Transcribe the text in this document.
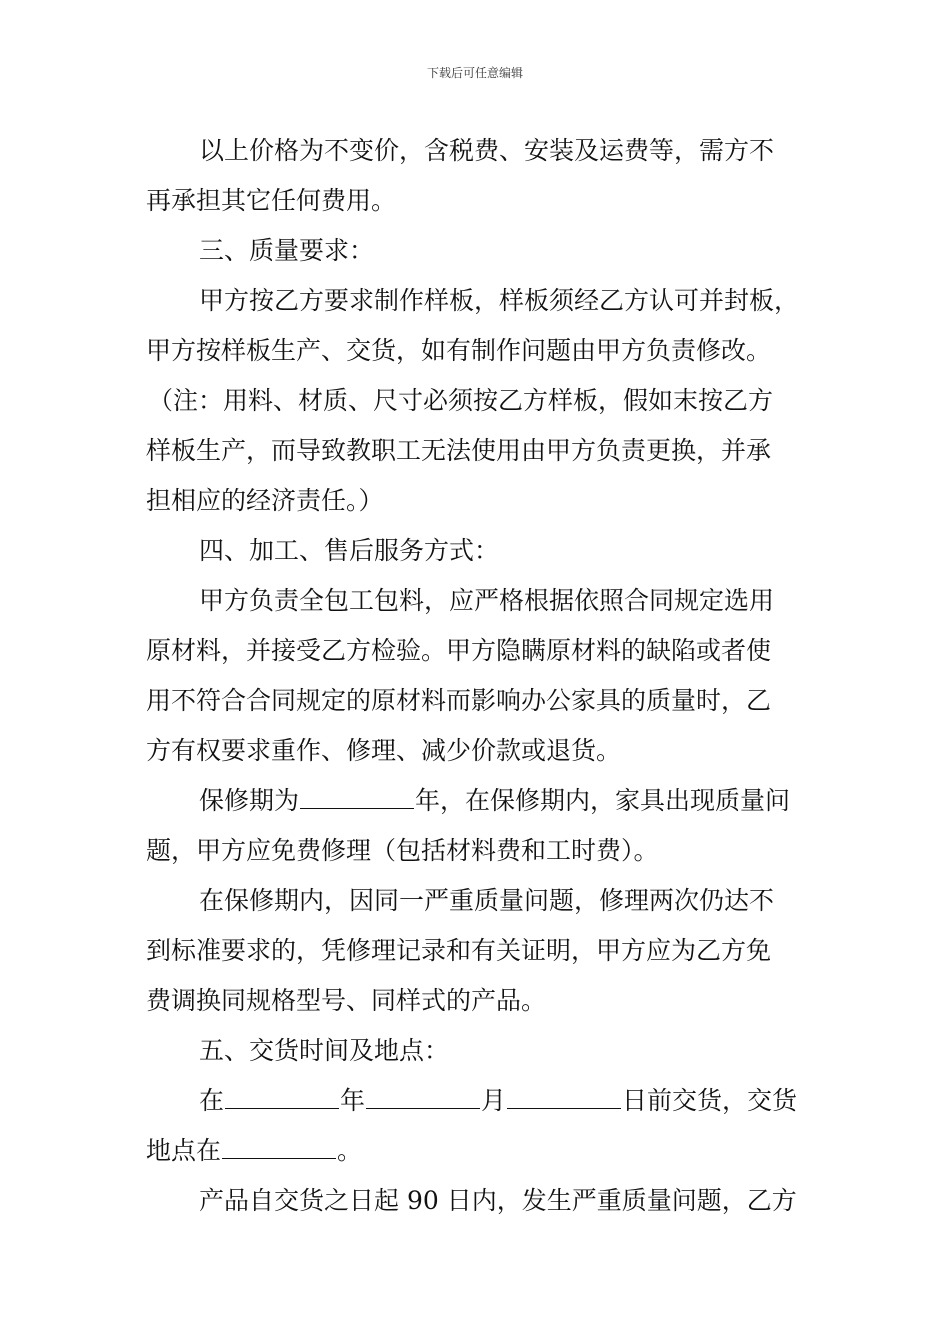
下载后可任意编辑
以上价格为不变价，含税费、安装及运费等，需方不
再承担其它任何费用。
三、质量要求：
甲方按乙方要求制作样板，样板须经乙方认可并封板，
甲方按样板生产、交货，如有制作问题由甲方负责修改。
（注：用料、材质、尺寸必须按乙方样板，假如末按乙方
样板生产，而导致教职工无法使用由甲方负责更换，并承
担相应的经济责任。）
四、加工、售后服务方式：
甲方负责全包工包料，应严格根据依照合同规定选用
原材料，并接受乙方检验。甲方隐瞒原材料的缺陷或者使
用不符合合同规定的原材料而影响办公家具的质量时，乙
方有权要求重作、修理、减少价款或退货。
保修期为	年，在保修期内，家具出现质量问
题，甲方应免费修理（包括材料费和工时费）。
在保修期内，因同一严重质量问题，修理两次仍达不
到标准要求的，凭修理记录和有关证明，甲方应为乙方免
费调换同规格型号、同样式的产品。
五、交货时间及地点：
在	年	月	日前交货，交货
地点在	。
产品自交货之日起 90 日内，发生严重质量问题，乙方
